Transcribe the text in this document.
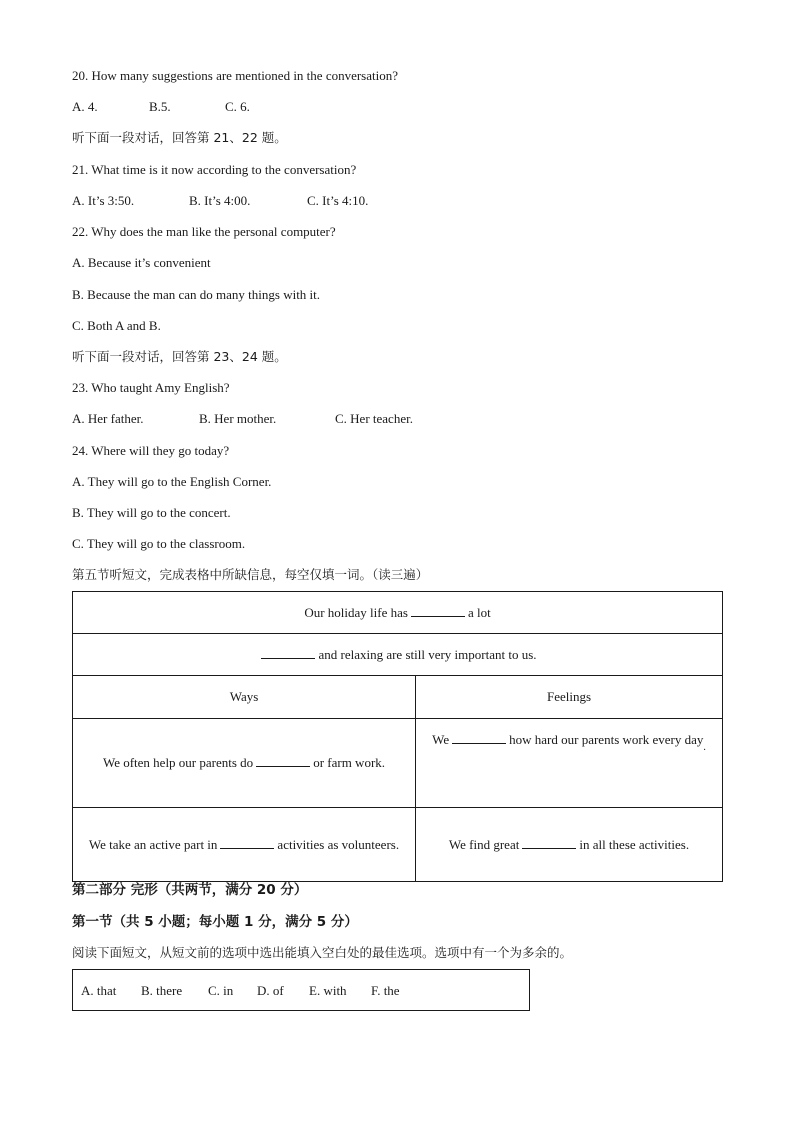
20. How many suggestions are mentioned in the conversation?
A. 4.	B.5.	C. 6.
听下面一段对话，回答第 21、22 题。
21. What time is it now according to the conversation?
A. It’s 3:50.	B. It’s 4:00.	C. It’s 4:10.
22. Why does the man like the personal computer?
A. Because it’s convenient
B. Because the man can do many things with it.
C. Both A and B.
听下面一段对话，回答第 23、24 题。
23. Who taught Amy English?
A. Her father.	B. Her mother.	C. Her teacher.
24. Where will they go today?
A. They will go to the English Corner.
B. They will go to the concert.
C. They will go to the classroom.
第五节听短文，完成表格中所缺信息，每空仅填一词。（读三遍）
Our holiday life has a lot	
and relaxing are still very important to us.	
Ways	Feelings
We often help our parents do or farm work.	We how hard our parents work every day$_.$
We take an active part in activities as volunteers.	We find great in all these activities.
第二部分 完形（共两节，满分 20 分）
第一节（共 5 小题；每小题 1 分，满分 5 分）
阅读下面短文，从短文前的选项中选出能填入空白处的最佳选项。选项中有一个为多余的。
A. that B. there C. in D. of E. with F. the
